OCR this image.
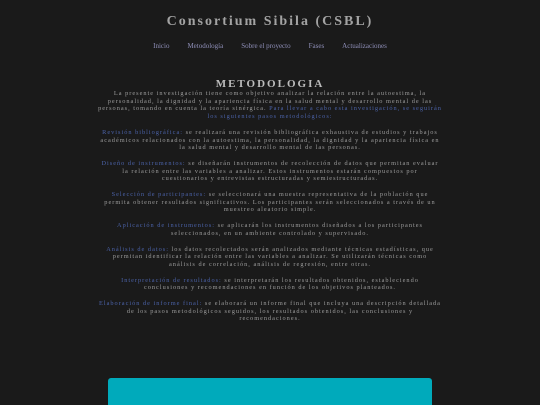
Consortium Sibila (CSBL)
Inicio	Metodología	Sobre el proyecto	Fases	Actualizaciones
METODOLOGIA

La presente investigación tiene como objetivo analizar la relación entre la autoestima, la personalidad, la dignidad y la apariencia física en la salud mental y desarrollo mental de las personas, tomando en cuenta la teoría sinérgica. Para llevar a cabo esta investigación, se seguirán los siguientes pasos metodológicos:

Revisión bibliográfica: se realizará una revisión bibliográfica exhaustiva de estudios y trabajos académicos relacionados con la autoestima, la personalidad, la dignidad y la apariencia física en la salud mental y desarrollo mental de las personas.

Diseño de instrumentos: se diseñarán instrumentos de recolección de datos que permitan evaluar la relación entre las variables a analizar. Estos instrumentos estarán compuestos por cuestionarios y entrevistas estructuradas y semiestructuradas.

Selección de participantes: se seleccionará una muestra representativa de la población que permita obtener resultados significativos. Los participantes serán seleccionados a través de un muestreo aleatorio simple.

Aplicación de instrumentos: se aplicarán los instrumentos diseñados a los participantes seleccionados, en un ambiente controlado y supervisado.

Análisis de datos: los datos recolectados serán analizados mediante técnicas estadísticas, que permitan identificar la relación entre las variables a analizar. Se utilizarán técnicas como análisis de correlación, análisis de regresión, entre otras.

Interpretación de resultados: se interpretarán los resultados obtenidos, estableciendo conclusiones y recomendaciones en función de los objetivos planteados.

Elaboración de informe final: se elaborará un informe final que incluya una descripción detallada de los pasos metodológicos seguidos, los resultados obtenidos, las conclusiones y recomendaciones.
